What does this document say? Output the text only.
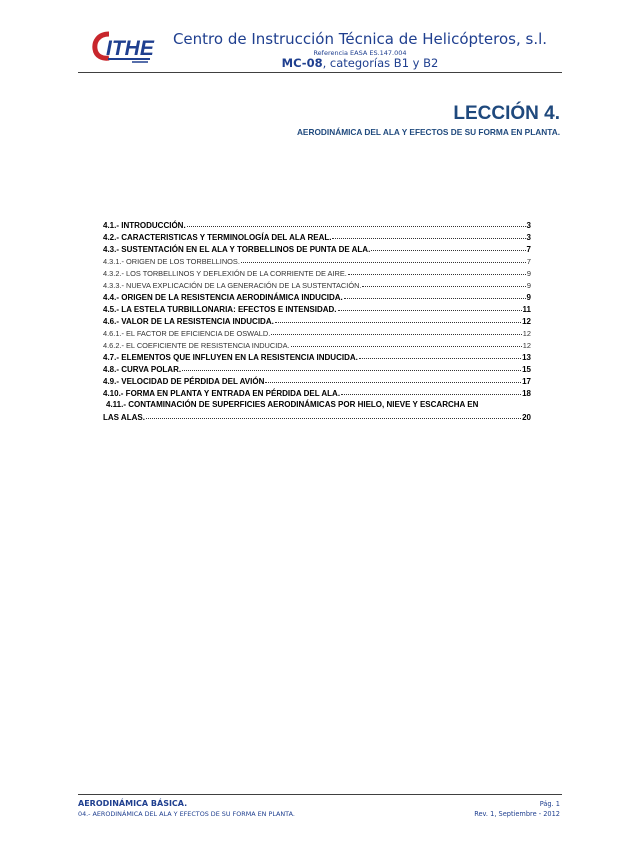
ITHE	Centro de Instrucción Técnica de Helicópteros, s.l.
Referencia EASA ES.147.004
MC-08, categorías B1 y B2
LECCIÓN 4.
AERODINÁMICA DEL ALA Y EFECTOS DE SU FORMA EN PLANTA.
4.1.- INTRODUCCIÓN.	3
4.2.- CARACTERISTICAS Y TERMINOLOGÍA DEL ALA REAL.	3
4.3.- SUSTENTACIÓN EN EL ALA Y TORBELLINOS DE PUNTA DE ALA.	7
4.3.1.- ORIGEN DE LOS TORBELLINOS.	7
4.3.2.- LOS TORBELLINOS Y DEFLEXIÓN DE LA CORRIENTE DE AIRE.	9
4.3.3.- NUEVA EXPLICACIÓN DE LA GENERACIÓN DE LA SUSTENTACIÓN.	9
4.4.- ORIGEN DE LA RESISTENCIA AERODINÁMICA INDUCIDA.	9
4.5.- LA ESTELA TURBILLONARIA: EFECTOS E INTENSIDAD.	11
4.6.- VALOR DE LA RESISTENCIA INDUCIDA.	12
4.6.1.- EL FACTOR DE EFICIENCIA DE OSWALD.	12
4.6.2.- EL COEFICIENTE DE RESISTENCIA INDUCIDA.	12
4.7.- ELEMENTOS QUE INFLUYEN EN LA RESISTENCIA INDUCIDA.	13
4.8.- CURVA POLAR.	15
4.9.- VELOCIDAD DE PÉRDIDA DEL AVIÓN	17
4.10.- FORMA EN PLANTA Y ENTRADA EN PÉRDIDA DEL ALA.	18
4.11.- CONTAMINACIÓN DE SUPERFICIES AERODINÁMICAS POR HIELO, NIEVE Y ESCARCHA EN
LAS ALAS.	20
AERODINÁMICA BÁSICA.
04.- AERODINÁMICA DEL ALA Y EFECTOS DE SU FORMA EN PLANTA.
Pág. 1
Rev. 1, Septiembre - 2012
